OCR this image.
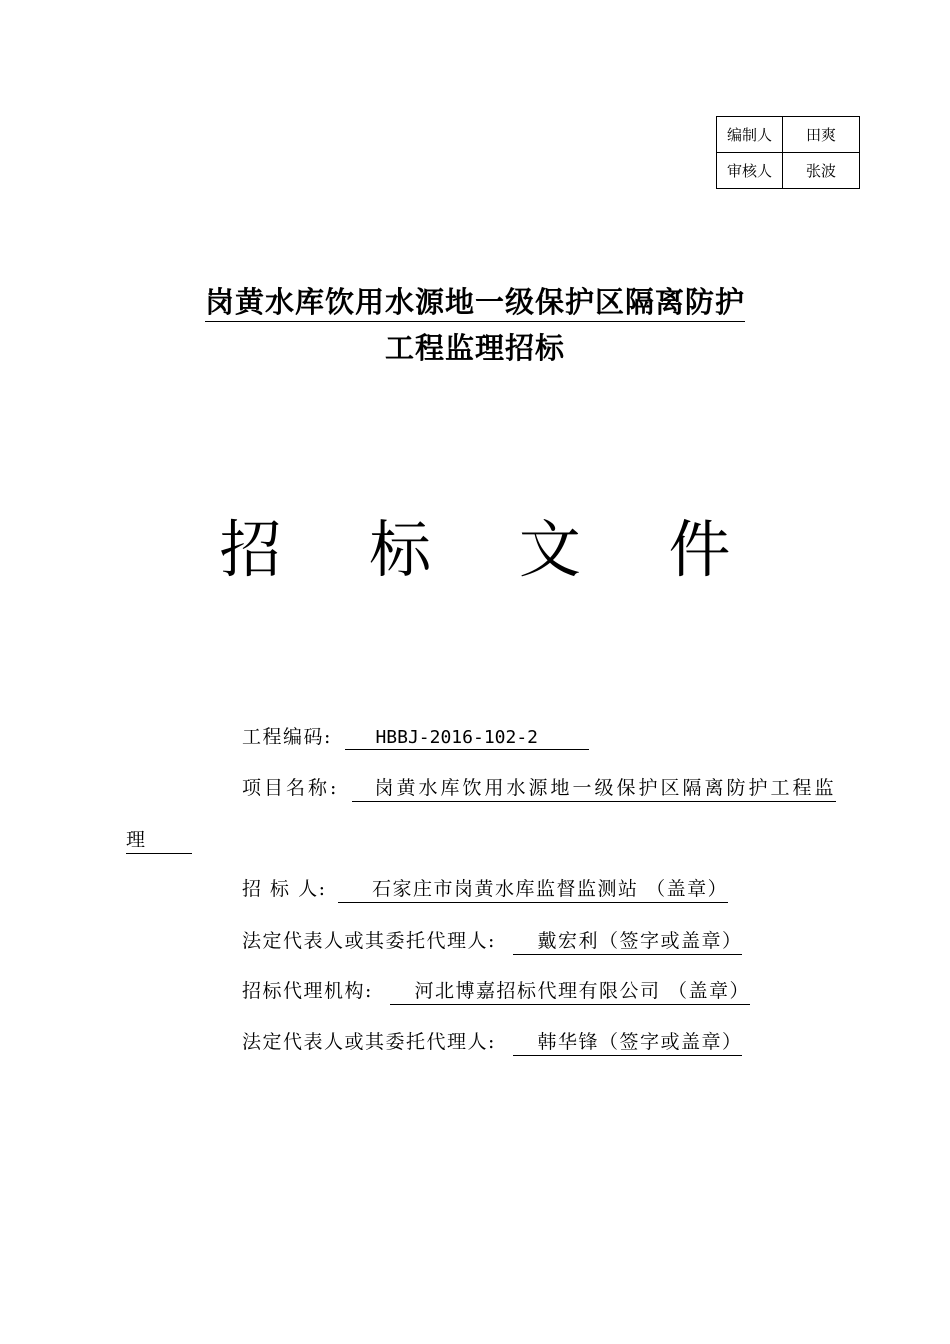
编制人	田爽
审核人	张波
岗黄水库饮用水源地一级保护区隔离防护
工程监理招标
招 标 文 件
工程编码: HBBJ-2016-102-2
项目名称: 岗黄水库饮用水源地一级保护区隔离防护工程监
理
招 标 人: 石家庄市岗黄水库监督监测站 （盖章）
法定代表人或其委托代理人: 戴宏利（签字或盖章）
招标代理机构: 河北博嘉招标代理有限公司 （盖章）
法定代表人或其委托代理人: 韩华锋（签字或盖章）
